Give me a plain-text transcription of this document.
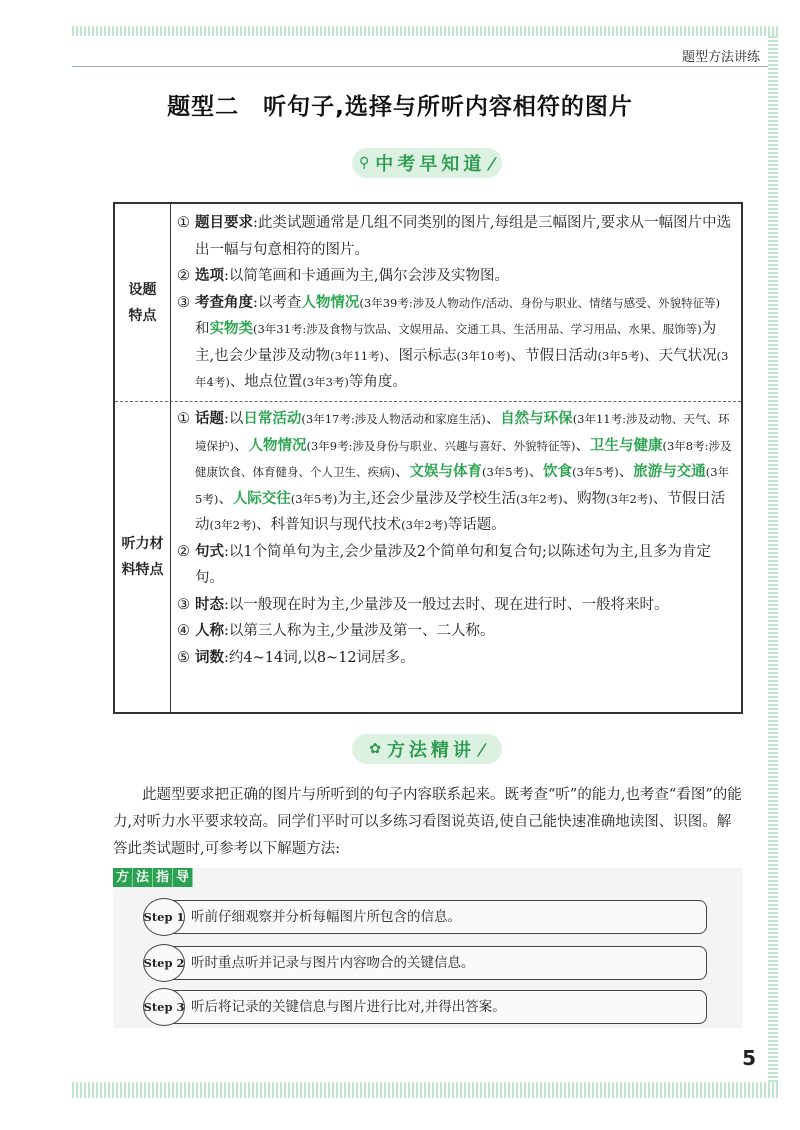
题型方法讲练
题型二 听句子,选择与所听内容相符的图片
⚲ 中考早知道 /
设题
特点
① 题目要求:此类试题通常是几组不同类别的图片,每组是三幅图片,要求从一幅图片中选出一幅与句意相符的图片。
② 选项:以简笔画和卡通画为主,偶尔会涉及实物图。
③ 考查角度:以考查人物情况(3年39考:涉及人物动作/活动、身份与职业、情绪与感受、外貌特征等)和实物类(3年31考:涉及食物与饮品、文娱用品、交通工具、生活用品、学习用品、水果、服饰等)为主,也会少量涉及动物(3年11考)、图示标志(3年10考)、节假日活动(3年5考)、天气状况(3年4考)、地点位置(3年3考)等角度。
听力材
料特点
① 话题:以日常活动(3年17考:涉及人物活动和家庭生活)、自然与环保(3年11考:涉及动物、天气、环境保护)、人物情况(3年9考:涉及身份与职业、兴趣与喜好、外貌特征等)、卫生与健康(3年8考:涉及健康饮食、体育健身、个人卫生、疾病)、文娱与体育(3年5考)、饮食(3年5考)、旅游与交通(3年5考)、人际交往(3年5考)为主,还会少量涉及学校生活(3年2考)、购物(3年2考)、节假日活动(3年2考)、科普知识与现代技术(3年2考)等话题。
② 句式:以1个简单句为主,会少量涉及2个简单句和复合句;以陈述句为主,且多为肯定句。
③ 时态:以一般现在时为主,少量涉及一般过去时、现在进行时、一般将来时。
④ 人称:以第三人称为主,少量涉及第一、二人称。
⑤ 词数:约4~14词,以8~12词居多。
✿ 方法精讲 /

此题型要求把正确的图片与所听到的句子内容联系起来。既考查“听”的能力,也考查“看图”的能力,对听力水平要求较高。同学们平时可以多练习看图说英语,使自己能快速准确地读图、识图。解答此类试题时,可参考以下解题方法:

方 法 指 导
Step 1 听前仔细观察并分析每幅图片所包含的信息。
Step 2 听时重点听并记录与图片内容吻合的关键信息。
Step 3 听后将记录的关键信息与图片进行比对,并得出答案。
5
